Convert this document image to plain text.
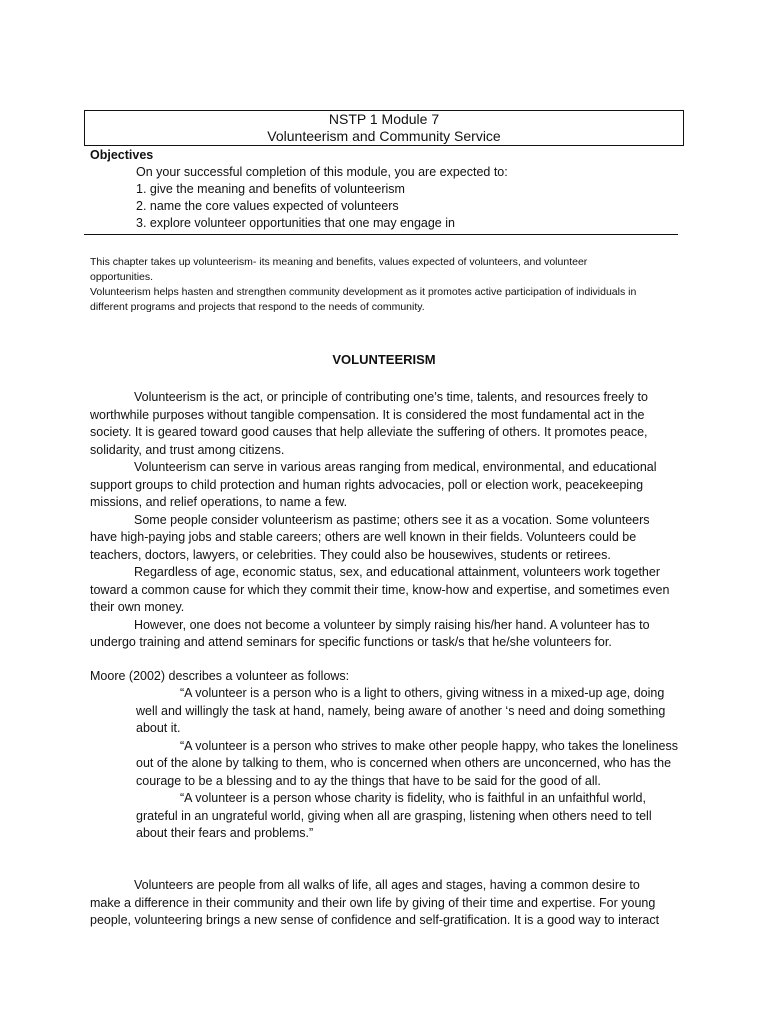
NSTP 1 Module 7
Volunteerism and Community Service
Objectives
On your successful completion of this module, you are expected to:
1. give the meaning and benefits of volunteerism
2. name the core values expected of volunteers
3. explore volunteer opportunities that one may engage in

This chapter takes up volunteerism- its meaning and benefits, values expected of volunteers, and volunteer opportunities.

Volunteerism helps hasten and strengthen community development as it promotes active participation of individuals in different programs and projects that respond to the needs of community.

VOLUNTEERISM

Volunteerism is the act, or principle of contributing one’s time, talents, and resources freely to worthwhile purposes without tangible compensation. It is considered the most fundamental act in the society. It is geared toward good causes that help alleviate the suffering of others. It promotes peace, solidarity, and trust among citizens.

Volunteerism can serve in various areas ranging from medical, environmental, and educational support groups to child protection and human rights advocacies, poll or election work, peacekeeping missions, and relief operations, to name a few.

Some people consider volunteerism as pastime; others see it as a vocation. Some volunteers have high-paying jobs and stable careers; others are well known in their fields. Volunteers could be teachers, doctors, lawyers, or celebrities. They could also be housewives, students or retirees.

Regardless of age, economic status, sex, and educational attainment, volunteers work together toward a common cause for which they commit their time, know-how and expertise, and sometimes even their own money.

However, one does not become a volunteer by simply raising his/her hand. A volunteer has to undergo training and attend seminars for specific functions or task/s that he/she volunteers for.

Moore (2002) describes a volunteer as follows:

“A volunteer is a person who is a light to others, giving witness in a mixed-up age, doing well and willingly the task at hand, namely, being aware of another ‘s need and doing something about it.

“A volunteer is a person who strives to make other people happy, who takes the loneliness out of the alone by talking to them, who is concerned when others are unconcerned, who has the courage to be a blessing and to ay the things that have to be said for the good of all.

“A volunteer is a person whose charity is fidelity, who is faithful in an unfaithful world, grateful in an ungrateful world, giving when all are grasping, listening when others need to tell about their fears and problems.”

Volunteers are people from all walks of life, all ages and stages, having a common desire to make a difference in their community and their own life by giving of their time and expertise. For young people, volunteering brings a new sense of confidence and self-gratification. It is a good way to interact
